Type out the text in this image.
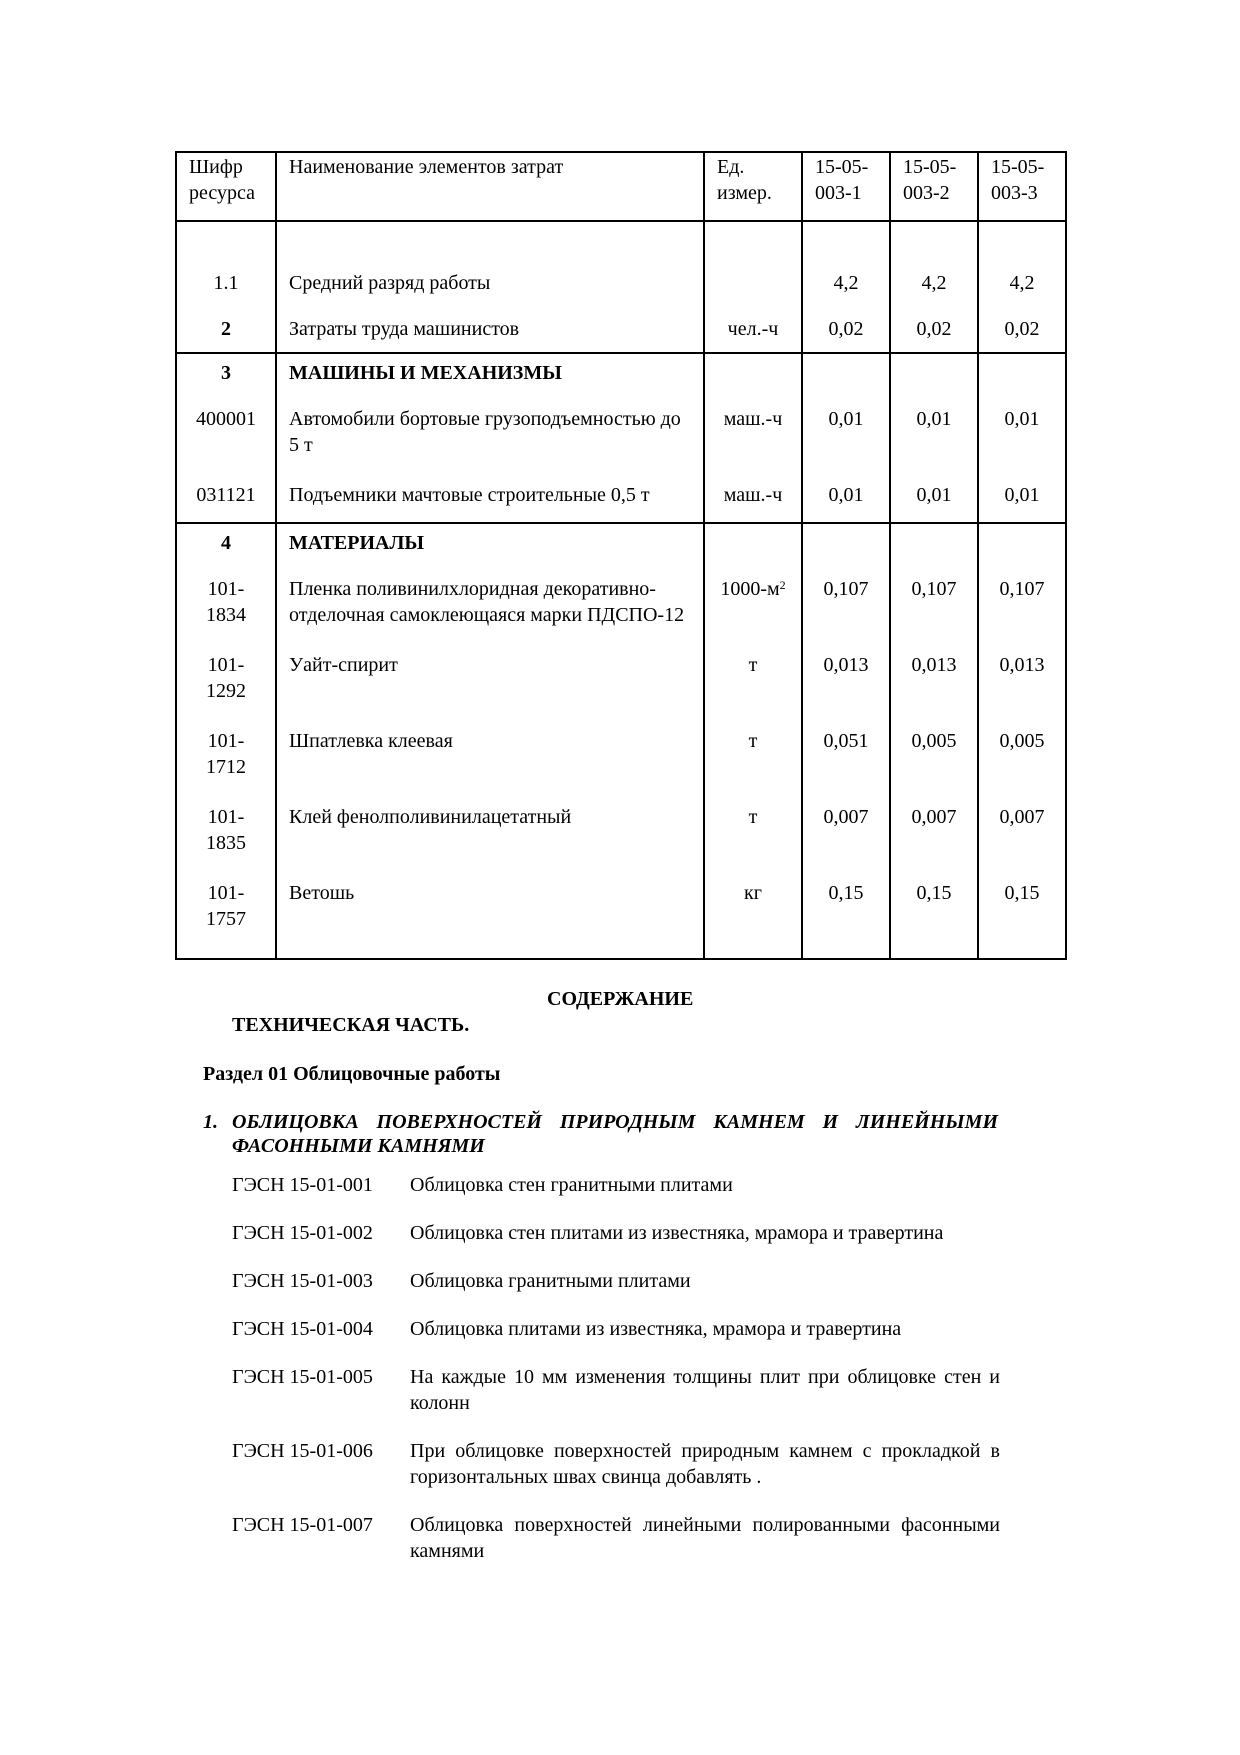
Шифр ресурса	Наименование элементов затрат	Ед. измер.	15-05-003-1	15-05-003-2	15-05-003-3

1.1	Средний разряд работы		4,2	4,2	4,2
2	Затраты труда машинистов	чел.-ч	0,02	0,02	0,02
3	МАШИНЫ И МЕХАНИЗМЫ				
400001	Автомобили бортовые грузоподъемностью до 5 т	маш.-ч	0,01	0,01	0,01
031121	Подъемники мачтовые строительные 0,5 т	маш.-ч	0,01	0,01	0,01
4	МАТЕРИАЛЫ				
101-1834	Пленка поливинилхлоридная декоративно-отделочная самоклеющаяся марки ПДСПО-12	$1000-м^2$	0,107	0,107	0,107
101-1292	Уайт-спирит	т	0,013	0,013	0,013
101-1712	Шпатлевка клеевая	т	0,051	0,005	0,005
101-1835	Клей фенолполивинилацетатный	т	0,007	0,007	0,007
101-1757	Ветошь	кг	0,15	0,15	0,15
СОДЕРЖАНИЕ
ТЕХНИЧЕСКАЯ ЧАСТЬ.
Раздел 01 Облицовочные работы
1. ОБЛИЦОВКА ПОВЕРХНОСТЕЙ ПРИРОДНЫМ КАМНЕМ И ЛИНЕЙНЫМИ ФАСОННЫМИ КАМНЯМИ
ГЭСН 15-01-001	Облицовка стен гранитными плитами
ГЭСН 15-01-002	Облицовка стен плитами из известняка, мрамора и травертина
ГЭСН 15-01-003	Облицовка гранитными плитами
ГЭСН 15-01-004	Облицовка плитами из известняка, мрамора и травертина
ГЭСН 15-01-005	На каждые 10 мм изменения толщины плит при облицовке стен и колонн
ГЭСН 15-01-006	При облицовке поверхностей природным камнем с прокладкой в горизонтальных швах свинца добавлять .
ГЭСН 15-01-007	Облицовка поверхностей линейными полированными фасонными камнями
